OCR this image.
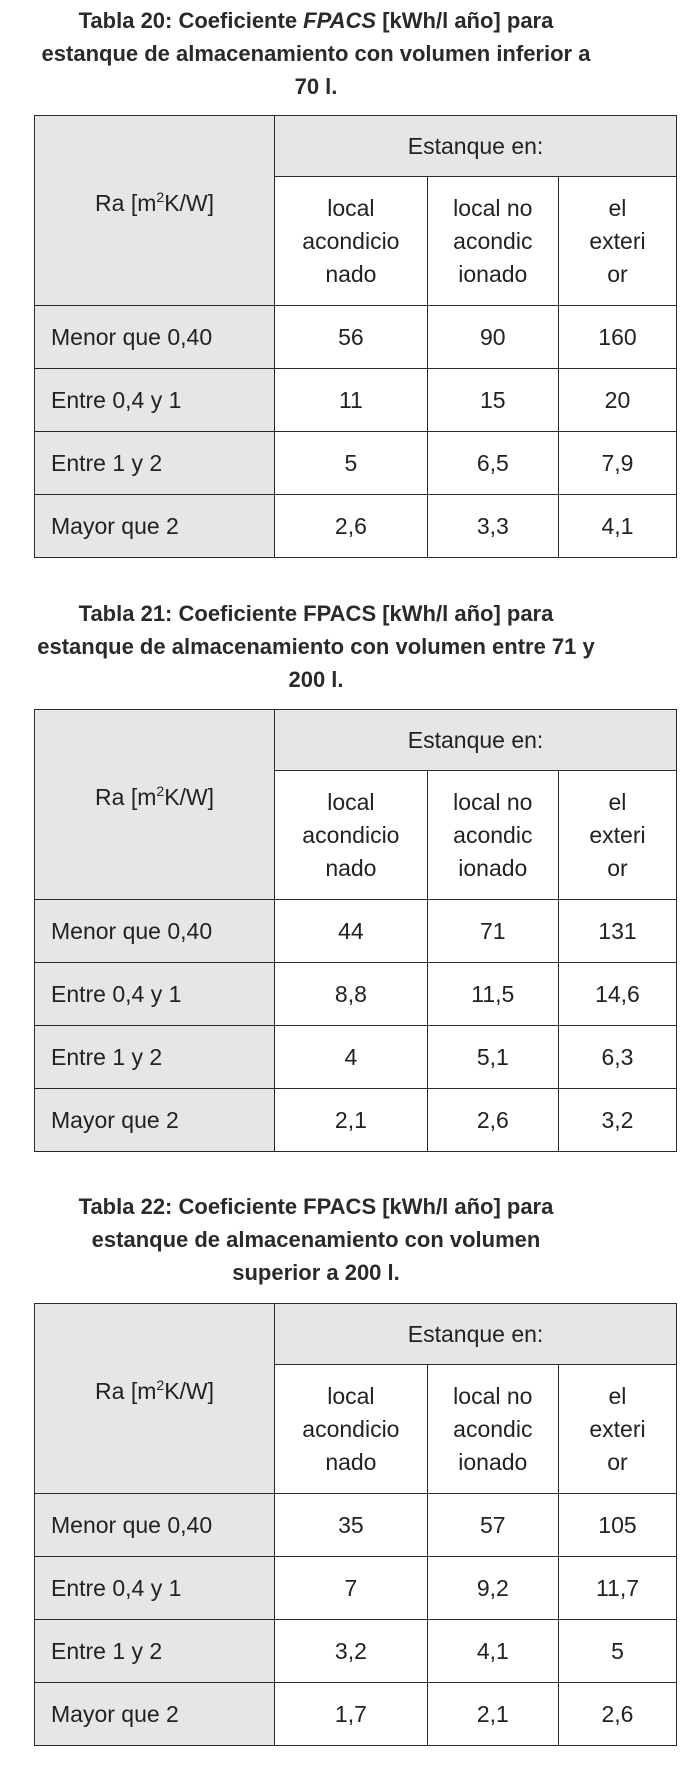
Tabla 20: Coeficiente FPACS [kWh/l año] para
estanque de almacenamiento con volumen inferior a
70 l.

Ra $[m^2K/W]$	Estanque en:		
	local
acondicio
nado	local no
acondic
ionado	el
exteri
or
Menor que 0,40	56	90	160
Entre 0,4 y 1	11	15	20
Entre 1 y 2	5	6,5	7,9
Mayor que 2	2,6	3,3	4,1

Tabla 21: Coeficiente FPACS [kWh/l año] para
estanque de almacenamiento con volumen entre 71 y
200 l.

Ra $[m^2K/W]$	Estanque en:		
	local
acondicio
nado	local no
acondic
ionado	el
exteri
or
Menor que 0,40	44	71	131
Entre 0,4 y 1	8,8	11,5	14,6
Entre 1 y 2	4	5,1	6,3
Mayor que 2	2,1	2,6	3,2

Tabla 22: Coeficiente FPACS [kWh/l año] para
estanque de almacenamiento con volumen
superior a 200 l.

Ra $[m^2K/W]$	Estanque en:		
	local
acondicio
nado	local no
acondic
ionado	el
exteri
or
Menor que 0,40	35	57	105
Entre 0,4 y 1	7	9,2	11,7
Entre 1 y 2	3,2	4,1	5
Mayor que 2	1,7	2,1	2,6
